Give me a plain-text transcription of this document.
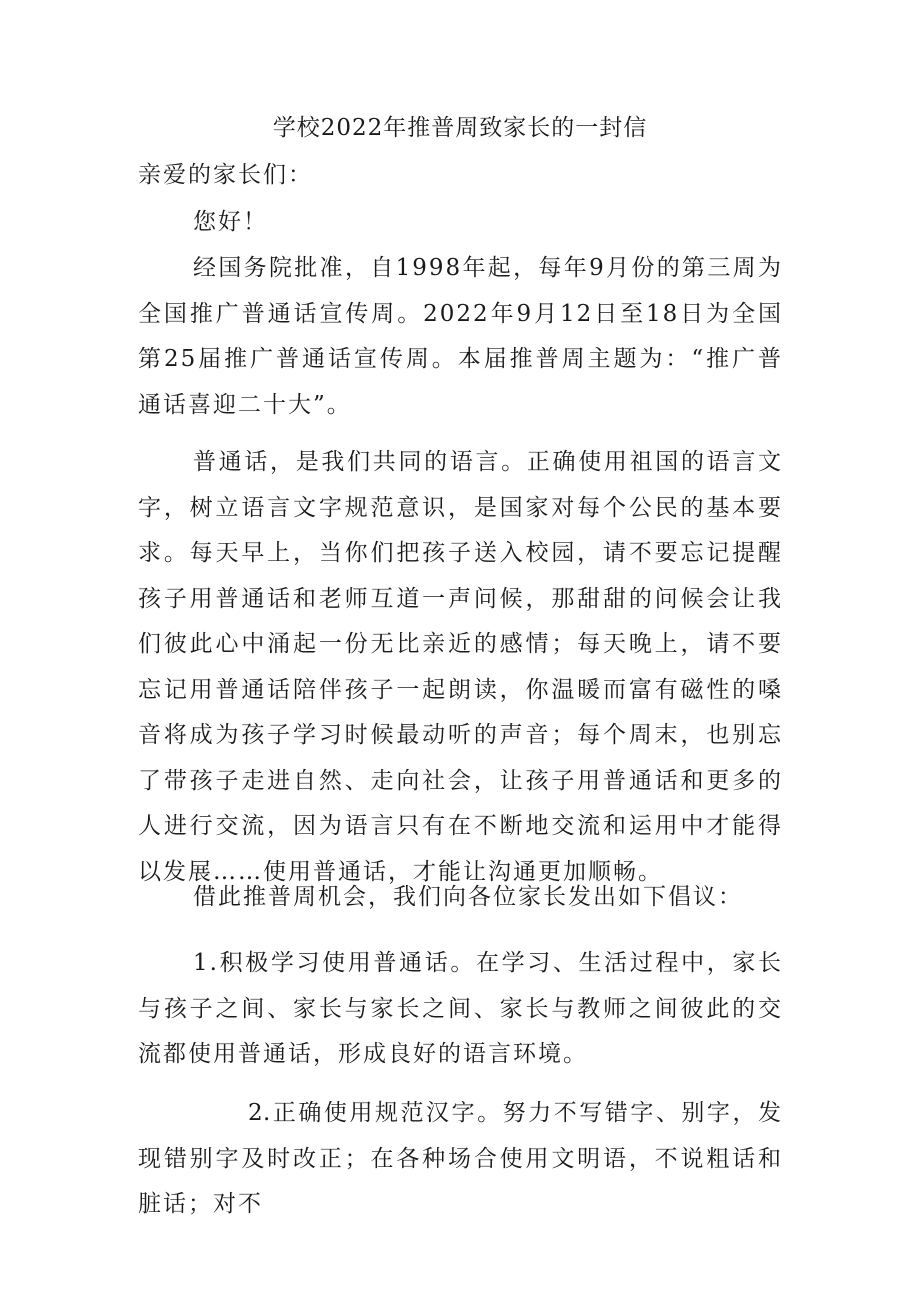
学校2022年推普周致家长的一封信
亲爱的家长们：

您好！

经国务院批准，自1998年起，每年9月份的第三周为全国推广普通话宣传周。2022年9月12日至18日为全国第25届推广普通话宣传周。本届推普周主题为：“推广普通话喜迎二十大”。

普通话，是我们共同的语言。正确使用祖国的语言文字，树立语言文字规范意识，是国家对每个公民的基本要求。每天早上，当你们把孩子送入校园，请不要忘记提醒孩子用普通话和老师互道一声问候，那甜甜的问候会让我们彼此心中涌起一份无比亲近的感情；每天晚上，请不要忘记用普通话陪伴孩子一起朗读，你温暖而富有磁性的嗓音将成为孩子学习时候最动听的声音；每个周末，也别忘了带孩子走进自然、走向社会，让孩子用普通话和更多的人进行交流，因为语言只有在不断地交流和运用中才能得以发展……使用普通话，才能让沟通更加顺畅。

借此推普周机会，我们向各位家长发出如下倡议：

1.积极学习使用普通话。在学习、生活过程中，家长与孩子之间、家长与家长之间、家长与教师之间彼此的交流都使用普通话，形成良好的语言环境。

2.正确使用规范汉字。努力不写错字、别字，发现错别字及时改正；在各种场合使用文明语，不说粗话和脏话；对不
